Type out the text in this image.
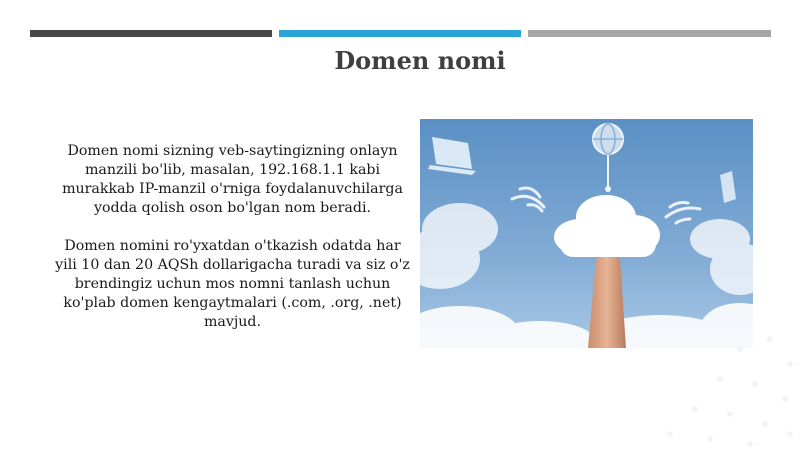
Domen nomi

Domen nomi sizning veb-saytingizning onlayn manzili bo'lib, masalan, 192.168.1.1 kabi murakkab IP-manzil o'rniga foydalanuvchilarga yodda qolish oson bo'lgan nom beradi.

Domen nomini ro'yxatdan o'tkazish odatda har yili 10 dan 20 AQSh dollarigacha turadi va siz o'z brendingiz uchun mos nomni tanlash uchun ko'plab domen kengaytmalari (.com, .org, .net) mavjud.
